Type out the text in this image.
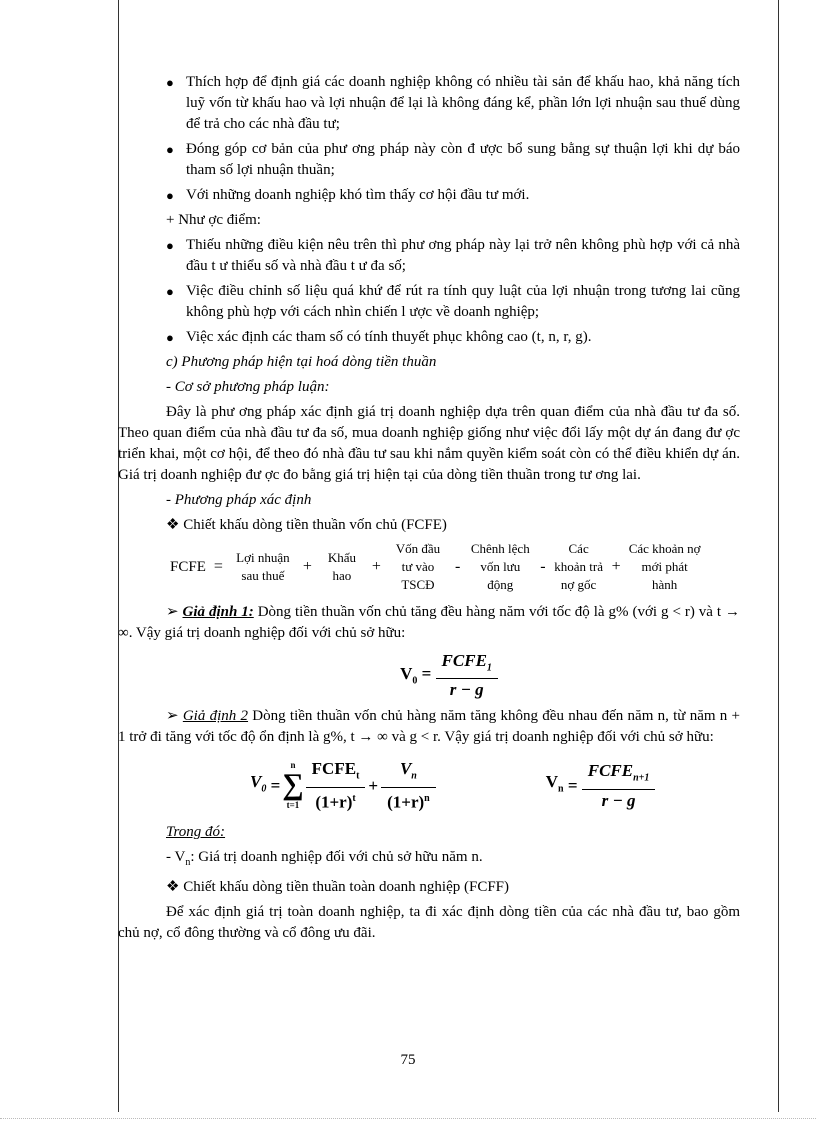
● Thích hợp để định giá các doanh nghiệp không có nhiều tài sản để khấu hao, khả năng tích luỹ vốn từ khấu hao và lợi nhuận để lại là không đáng kể, phần lớn lợi nhuận sau thuế dùng để trả cho các nhà đầu tư;
● Đóng góp cơ bản của phư ơng pháp này còn đ ược bổ sung bằng sự thuận lợi khi dự báo tham số lợi nhuận thuần;
● Với những doanh nghiệp khó tìm thấy cơ hội đầu tư mới.
+ Như ợc điểm:
● Thiếu những điều kiện nêu trên thì phư ơng pháp này lại trở nên không phù hợp với cả nhà đầu t ư thiểu số và nhà đầu t ư đa số;
● Việc điều chỉnh số liệu quá khứ để rút ra tính quy luật của lợi nhuận trong tương lai cũng không phù hợp với cách nhìn chiến l ược về doanh nghiệp;
● Việc xác định các tham số có tính thuyết phục không cao (t, n, r, g).
c) Phương pháp hiện tại hoá dòng tiền thuần
- Cơ sở phương pháp luận:
Đây là phư ơng pháp xác định giá trị doanh nghiệp dựa trên quan điểm của nhà đầu tư đa số. Theo quan điểm của nhà đầu tư đa số, mua doanh nghiệp giống như việc đổi lấy một dự án đang đư ợc triển khai, một cơ hội, để theo đó nhà đầu tư sau khi nắm quyền kiểm soát còn có thể điều khiển dự án. Giá trị doanh nghiệp đư ợc đo bằng giá trị hiện tại của dòng tiền thuần trong tư ơng lai.
- Phương pháp xác định
❖ Chiết khấu dòng tiền thuần vốn chủ (FCFE)
FCFE	=	Lợi nhuận sau thuế	+	Khấu hao	+	Vốn đầu tư vào TSCĐ	-	Chênh lệch vốn lưu động	-	Các khoản trả nợ gốc	+	Các khoản nợ mới phát hành
➢ Giả định 1: Dòng tiền thuần vốn chủ tăng đều hàng năm với tốc độ là g% (với g < r) và t → ∞. Vậy giá trị doanh nghiệp đối với chủ sở hữu:
$V_0 = \frac{FCFE_1}{r - g}$
➢ Giả định 2 Dòng tiền thuần vốn chủ hàng năm tăng không đều nhau đến năm n, từ năm n + 1 trở đi tăng với tốc độ ổn định là g%, t → ∞ và g < r. Vậy giá trị doanh nghiệp đối với chủ sở hữu:
$V_0$ =
n
∑
$t=1 \frac{FCFE_t}{(1+r)^t} + \frac{V_n}{(1+r)^n}$	$V_n = \frac{FCFE_{n+1}}{r - g}$
Trong đó:
- $V_n$: Giá trị doanh nghiệp đối với chủ sở hữu năm n.
❖ Chiết khấu dòng tiền thuần toàn doanh nghiệp (FCFF)
Để xác định giá trị toàn doanh nghiệp, ta đi xác định dòng tiền của các nhà đầu tư, bao gồm chủ nợ, cổ đông thường và cổ đông ưu đãi.
75
